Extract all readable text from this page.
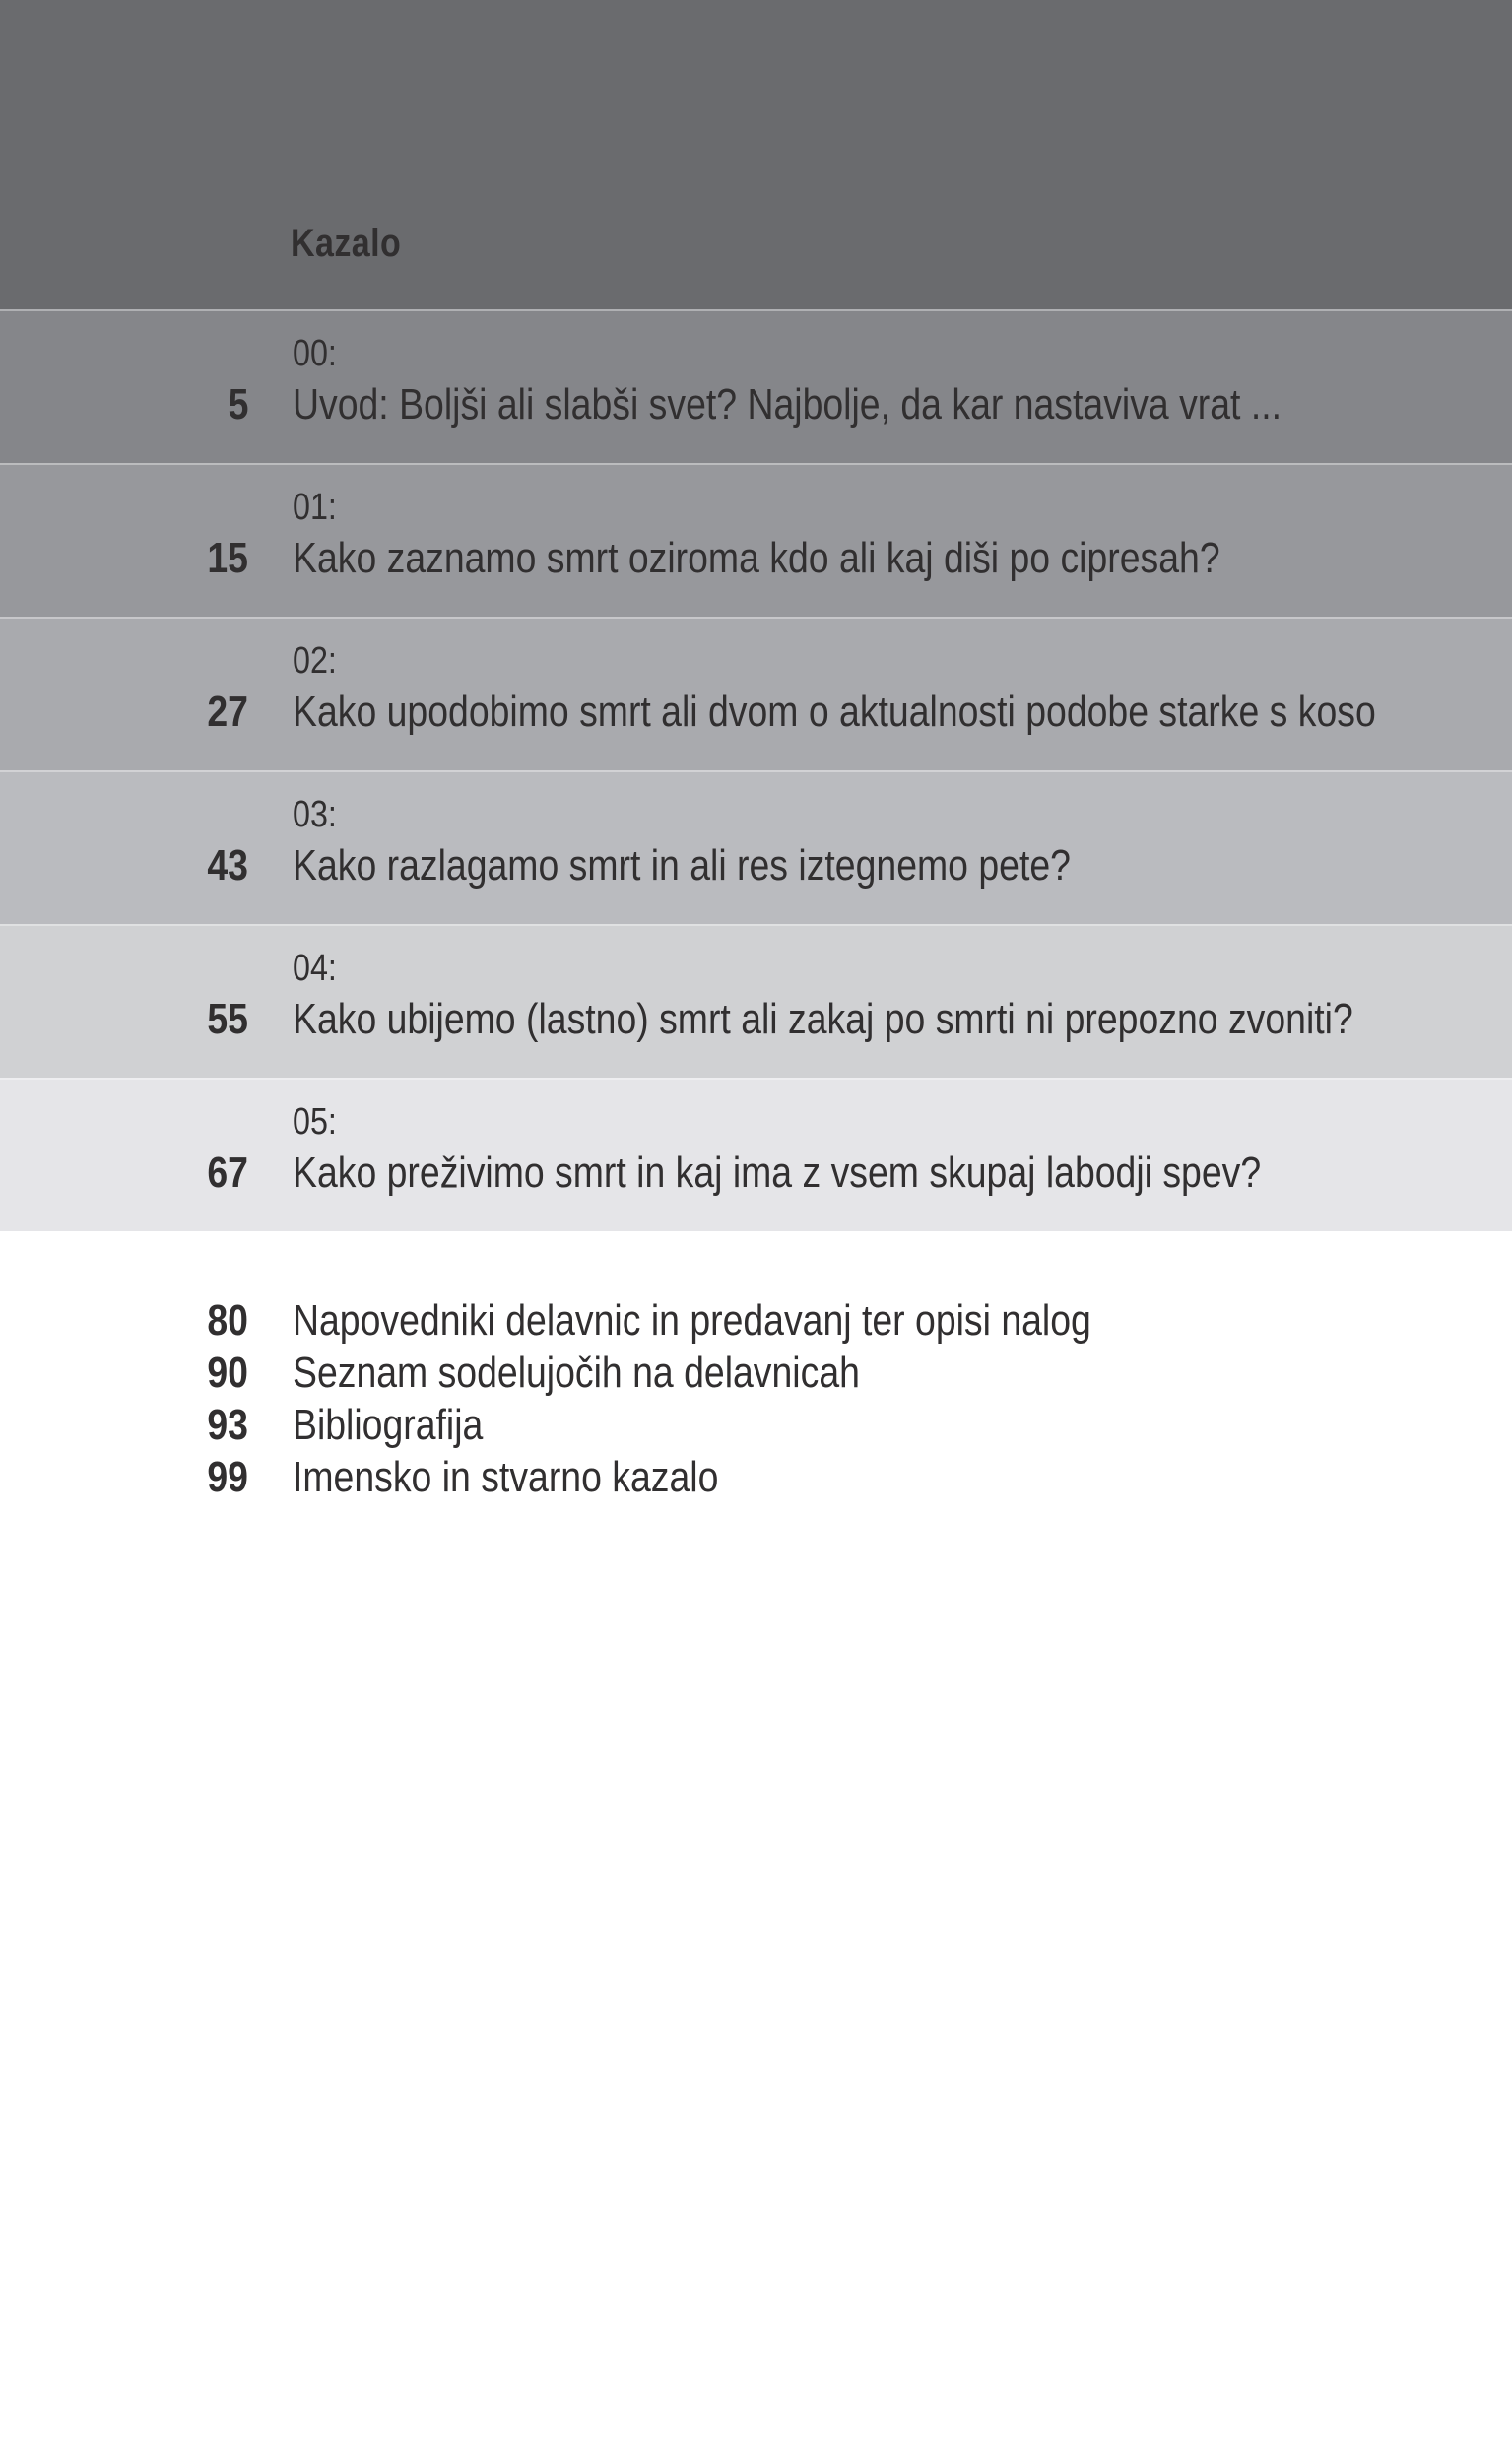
Kazalo
00:
5 Uvod: Boljši ali slabši svet? Najbolje, da kar nastaviva vrat ...
01:
15 Kako zaznamo smrt oziroma kdo ali kaj diši po cipresah?
02:
27 Kako upodobimo smrt ali dvom o aktualnosti podobe starke s koso
03:
43 Kako razlagamo smrt in ali res iztegnemo pete?
04:
55 Kako ubijemo (lastno) smrt ali zakaj po smrti ni prepozno zvoniti?
05:
67 Kako preživimo smrt in kaj ima z vsem skupaj labodji spev?
80 Napovedniki delavnic in predavanj ter opisi nalog
90 Seznam sodelujočih na delavnicah
93 Bibliografija
99 Imensko in stvarno kazalo
